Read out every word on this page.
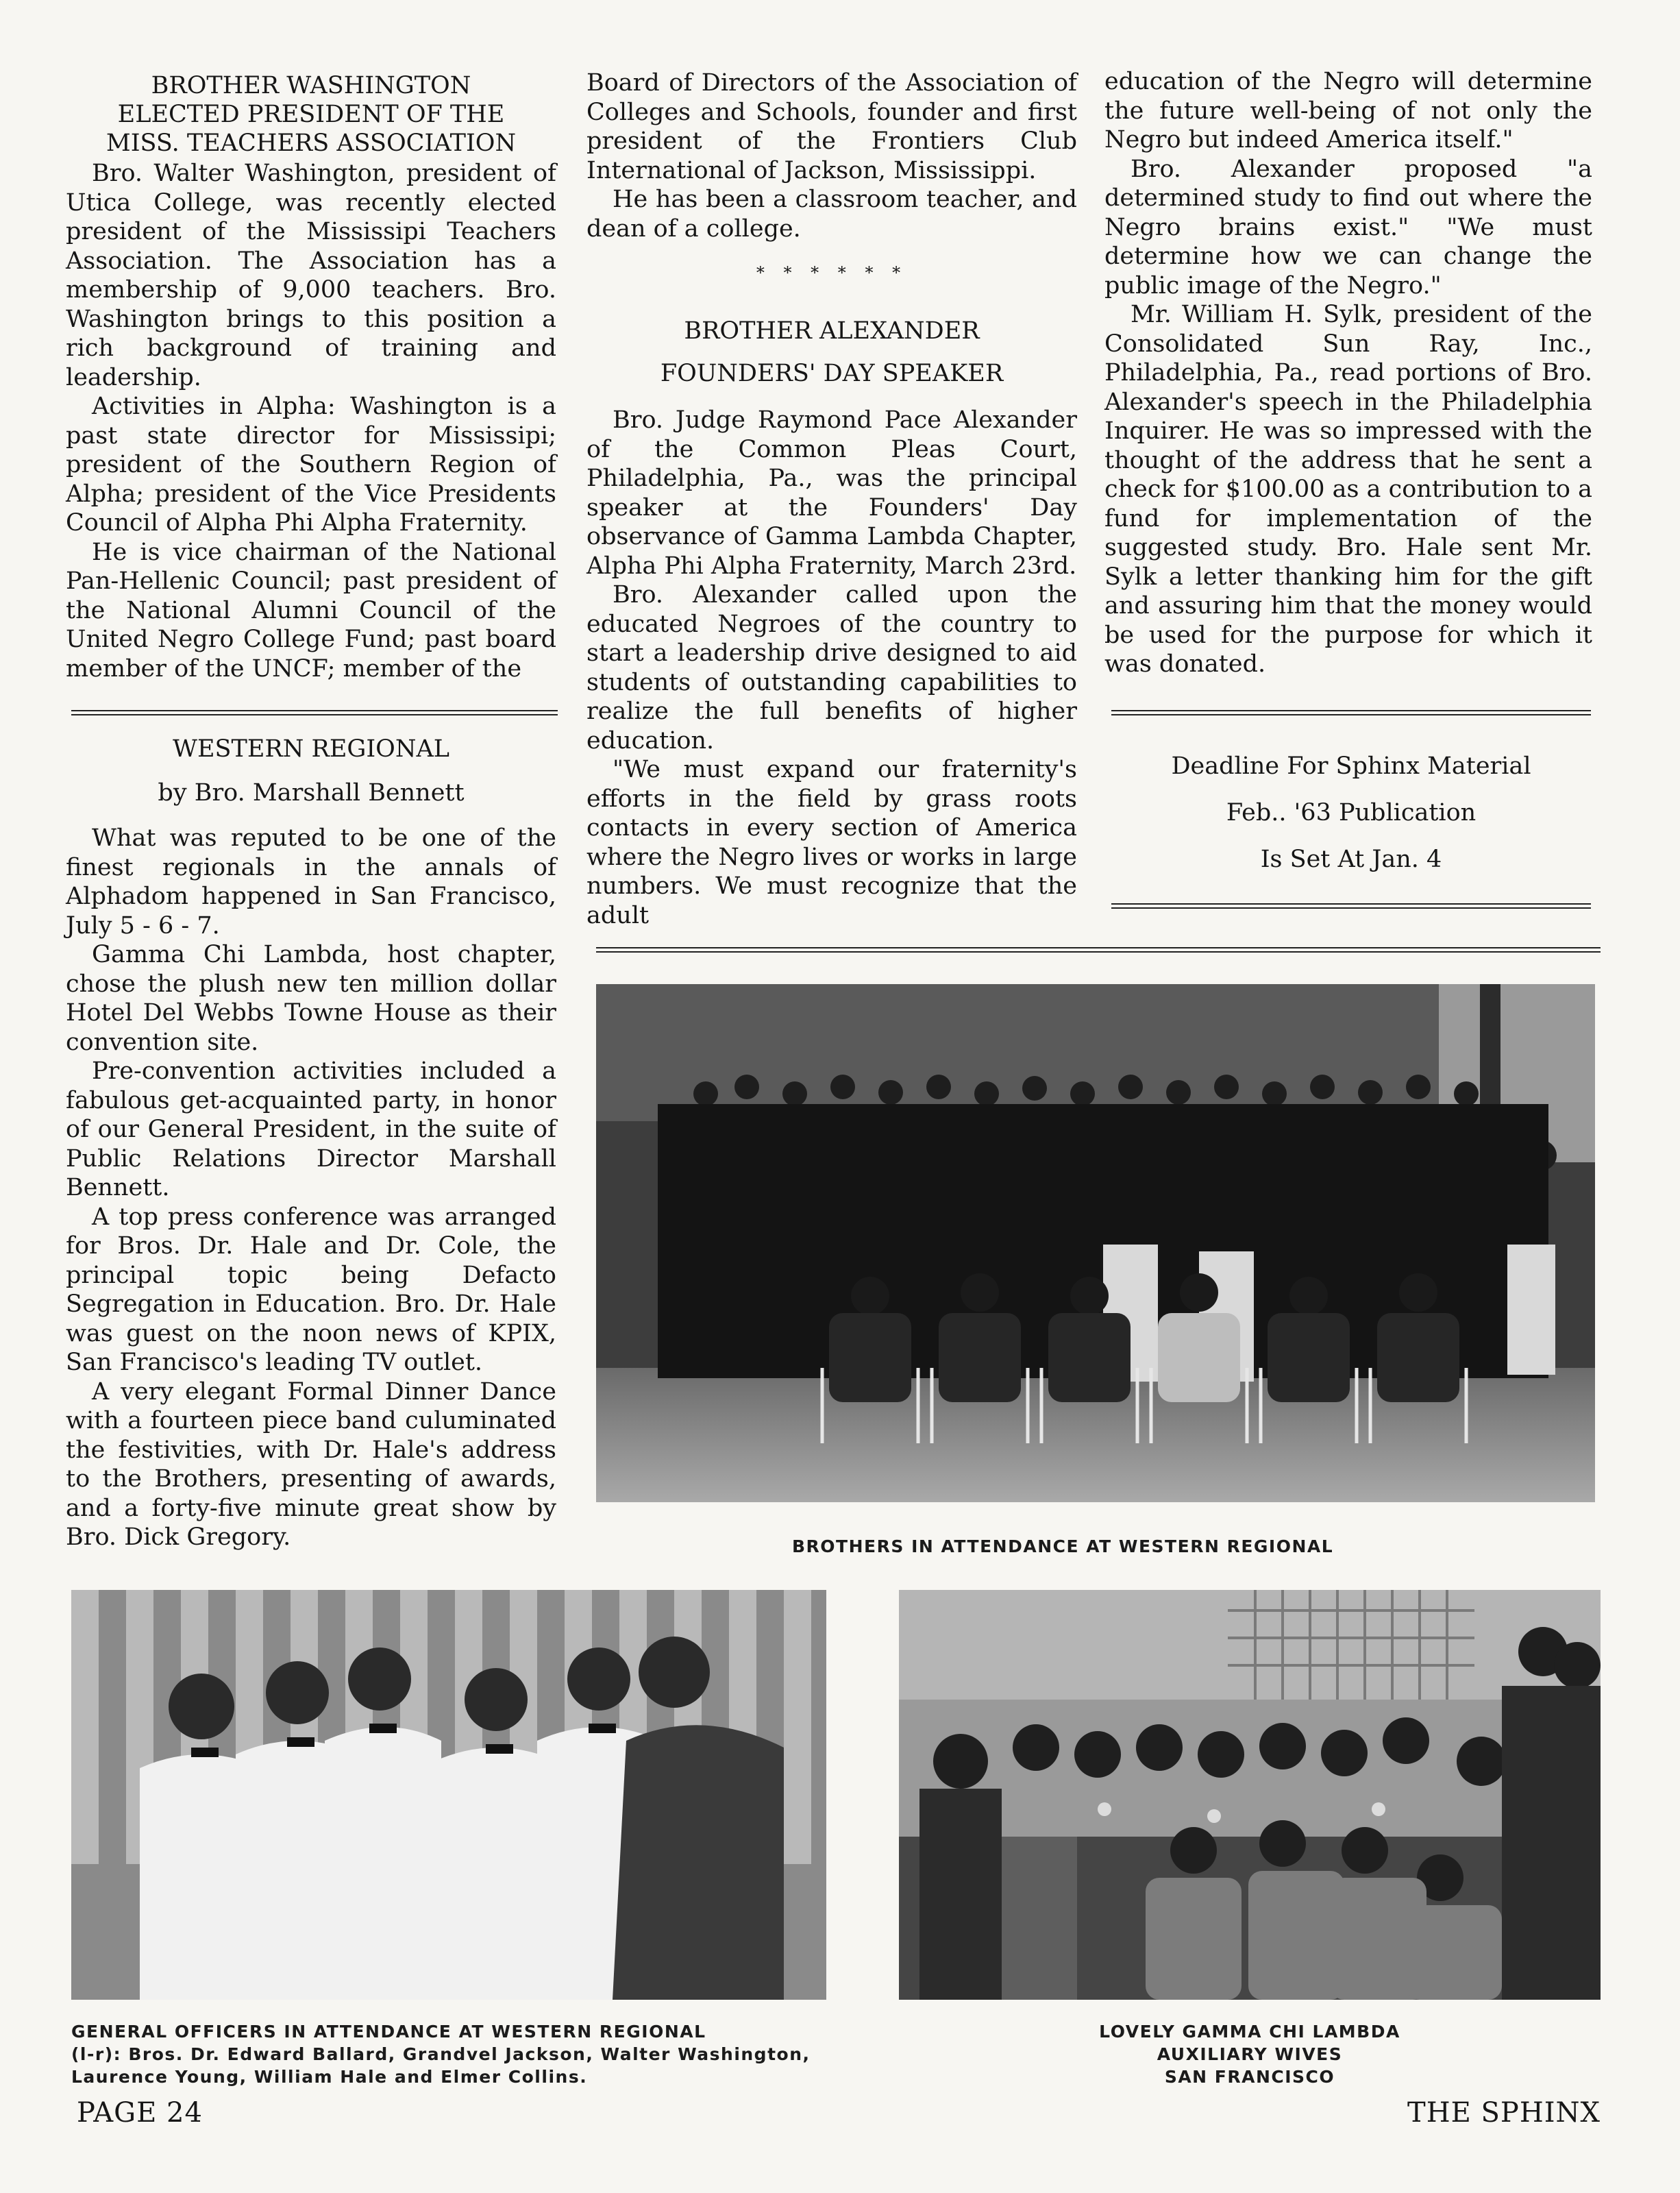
BROTHER WASHINGTON
ELECTED PRESIDENT OF THE
MISS. TEACHERS ASSOCIATION

Bro. Walter Washington, president of Utica College, was recently elected president of the Mississipi Teachers Association. The Association has a membership of 9,000 teachers. Bro. Washington brings to this position a rich background of training and leadership.

Activities in Alpha: Washington is a past state director for Mississipi; president of the Southern Region of Alpha; president of the Vice Presidents Council of Alpha Phi Alpha Fraternity.

He is vice chairman of the National Pan-Hellenic Council; past president of the National Alumni Council of the United Negro College Fund; past board member of the UNCF; member of the

WESTERN REGIONAL
by Bro. Marshall Bennett

What was reputed to be one of the finest regionals in the annals of Alphadom happened in San Francisco, July 5 - 6 - 7.

Gamma Chi Lambda, host chapter, chose the plush new ten million dollar Hotel Del Webbs Towne House as their convention site.

Pre-convention activities included a fabulous get-acquainted party, in honor of our General President, in the suite of Public Relations Director Marshall Bennett.

A top press conference was arranged for Bros. Dr. Hale and Dr. Cole, the principal topic being Defacto Segregation in Education. Bro. Dr. Hale was guest on the noon news of KPIX, San Francisco's leading TV outlet.

A very elegant Formal Dinner Dance with a fourteen piece band culuminated the festivities, with Dr. Hale's address to the Brothers, presenting of awards, and a forty-five minute great show by Bro. Dick Gregory.

Board of Directors of the Association of Colleges and Schools, founder and first president of the Frontiers Club International of Jackson, Mississippi.

He has been a classroom teacher, and dean of a college.

* * * * * *
BROTHER ALEXANDER
FOUNDERS' DAY SPEAKER

Bro. Judge Raymond Pace Alexander of the Common Pleas Court, Philadelphia, Pa., was the principal speaker at the Founders' Day observance of Gamma Lambda Chapter, Alpha Phi Alpha Fraternity, March 23rd.

Bro. Alexander called upon the educated Negroes of the country to start a leadership drive designed to aid students of outstanding capabilities to realize the full benefits of higher education.

"We must expand our fraternity's efforts in the field by grass roots contacts in every section of America where the Negro lives or works in large numbers. We must recognize that the adult

education of the Negro will determine the future well-being of not only the Negro but indeed America itself."

Bro. Alexander proposed "a determined study to find out where the Negro brains exist." "We must determine how we can change the public image of the Negro."

Mr. William H. Sylk, president of the Consolidated Sun Ray, Inc., Philadelphia, Pa., read portions of Bro. Alexander's speech in the Philadelphia Inquirer. He was so impressed with the thought of the address that he sent a check for $100.00 as a contribution to a fund for implementation of the suggested study. Bro. Hale sent Mr. Sylk a letter thanking him for the gift and assuring him that the money would be used for the purpose for which it was donated.

Deadline For Sphinx Material
Feb.. '63 Publication
Is Set At Jan. 4
BROTHERS IN ATTENDANCE AT WESTERN REGIONAL
GENERAL OFFICERS IN ATTENDANCE AT WESTERN REGIONAL
(l-r): Bros. Dr. Edward Ballard, Grandvel Jackson, Walter Washington, Laurence Young, William Hale and Elmer Collins.
LOVELY GAMMA CHI LAMBDA
AUXILIARY WIVES
SAN FRANCISCO
PAGE 24	THE SPHINX
